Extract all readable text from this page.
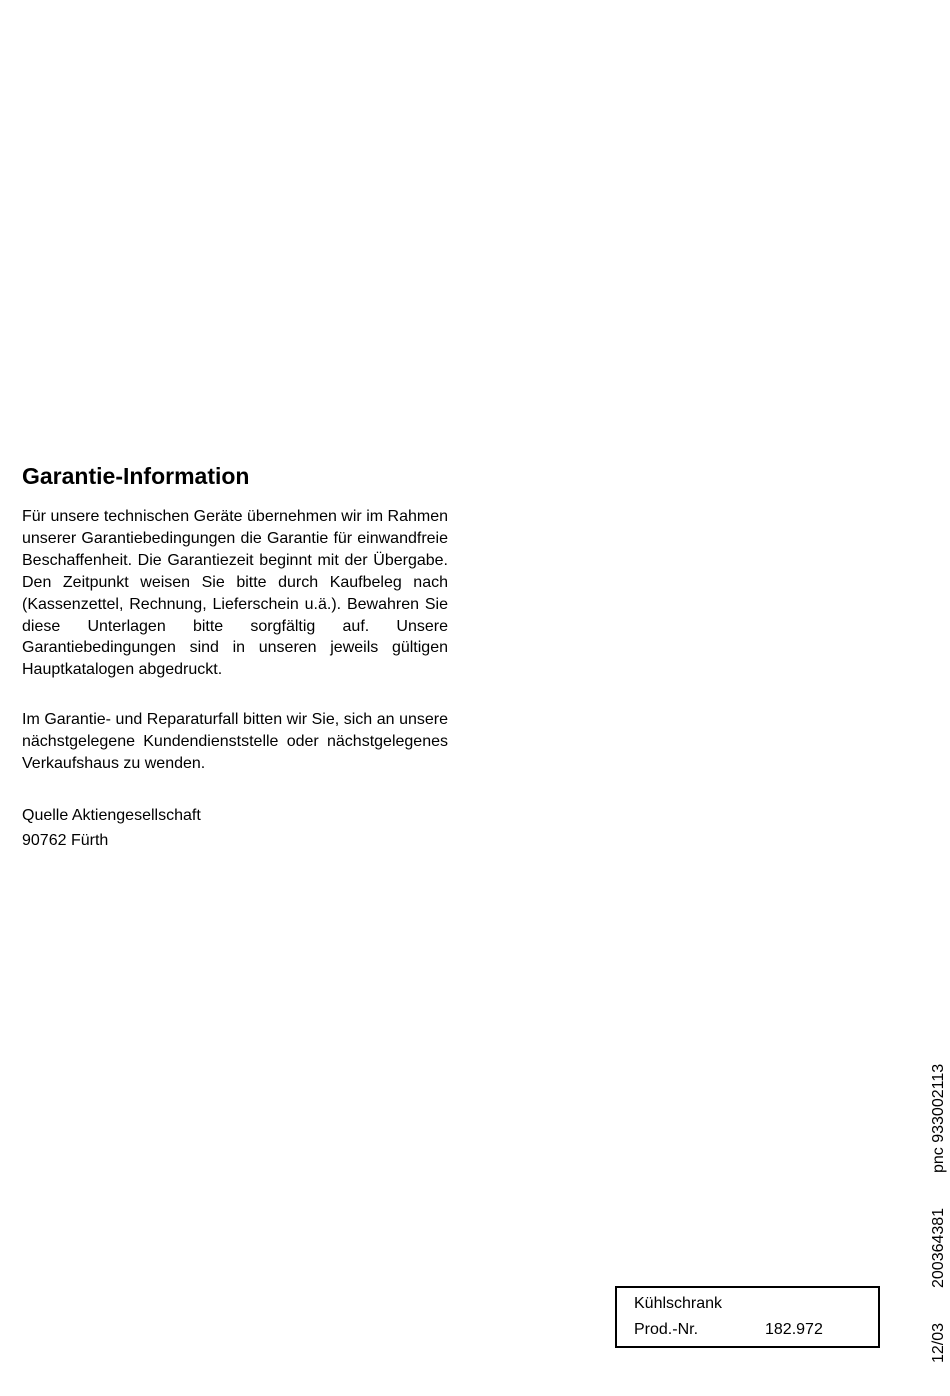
Garantie-Information

Für unsere technischen Geräte übernehmen wir im Rahmen unserer Garantiebedingungen die Garantie für einwandfreie Beschaffenheit. Die Garantiezeit beginnt mit der Übergabe. Den Zeitpunkt weisen Sie bitte durch Kaufbeleg nach (Kassenzettel, Rechnung, Lieferschein u.ä.). Bewahren Sie diese Unterlagen bitte sorgfältig auf. Unsere Garantiebedingungen sind in unseren jeweils gültigen Hauptkatalogen abgedruckt.

Im Garantie- und Reparaturfall bitten wir Sie, sich an unsere nächstgelegene Kundendienststelle oder nächstgelegenes Verkaufshaus zu wenden.

Quelle Aktiengesellschaft
90762 Fürth
Kühlschrank
Prod.-Nr.	182.972	12/03
200364381
pnc 933002113
